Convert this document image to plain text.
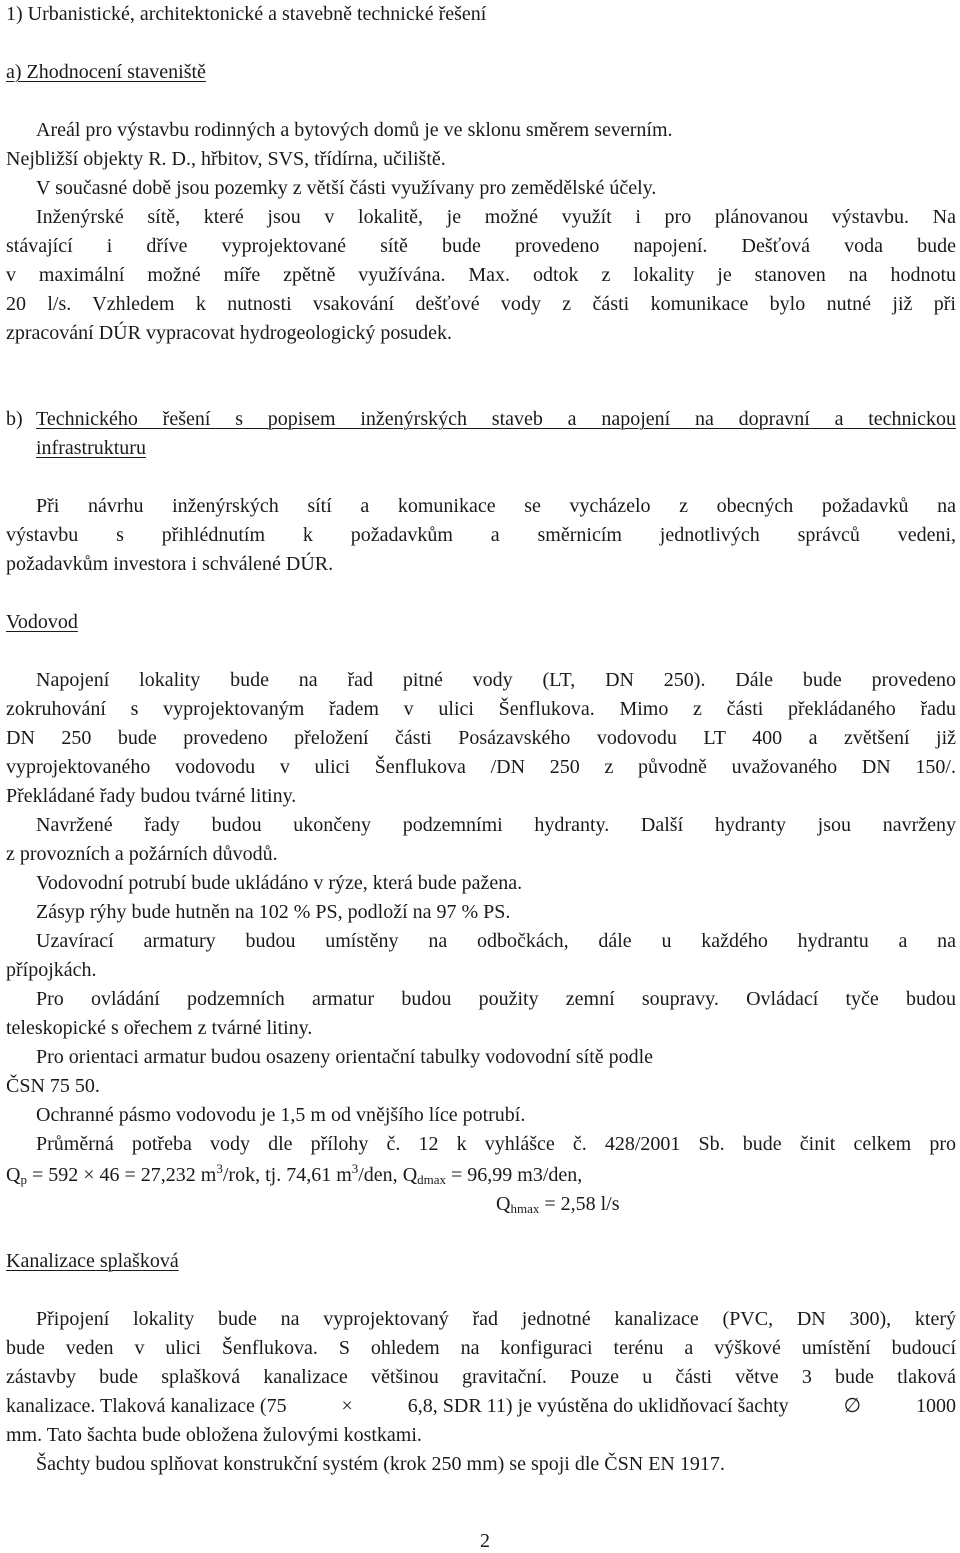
1) Urbanistické, architektonické a stavebně technické řešení
a) Zhodnocení staveniště
Areál pro výstavbu rodinných a bytových domů je ve sklonu směrem severním.
Nejbližší objekty R. D., hřbitov, SVS, třídírna, učiliště.
V současné době jsou pozemky z větší části využívany pro zemědělské účely.
Inženýrské sítě, které jsou v lokalitě, je možné využít i pro plánovanou výstavbu. Na
stávající i dříve vyprojektované sítě bude provedeno napojení. Dešťová voda bude
v maximální možné míře zpětně využívána. Max. odtok z lokality je stanoven na hodnotu
20 l/s. Vzhledem k nutnosti vsakování dešťové vody z části komunikace bylo nutné již při
zpracování DÚR vypracovat hydrogeologický posudek.
b) Technického řešení s popisem inženýrských staveb a napojení na dopravní a technickou
infrastrukturu
Při návrhu inženýrských sítí a komunikace se vycházelo z obecných požadavků na
výstavbu s přihlédnutím k požadavkům a směrnicím jednotlivých správců vedeni,
požadavkům investora i schválené DÚR.
Vodovod
Napojení lokality bude na řad pitné vody (LT, DN 250). Dále bude provedeno
zokruhování s vyprojektovaným řadem v ulici Šenflukova. Mimo z části překládaného řadu
DN 250 bude provedeno přeložení části Posázavského vodovodu LT 400 a zvětšení již
vyprojektovaného vodovodu v ulici Šenflukova /DN 250 z původně uvažovaného DN 150/.
Překládané řady budou tvárné litiny.
Navržené řady budou ukončeny podzemními hydranty. Další hydranty jsou navrženy
z provozních a požárních důvodů.
Vodovodní potrubí bude ukládáno v rýze, která bude pažena.
Zásyp rýhy bude hutněn na 102 % PS, podloží na 97 % PS.
Uzavírací armatury budou umístěny na odbočkách, dále u každého hydrantu a na
přípojkách.
Pro ovládání podzemních armatur budou použity zemní soupravy. Ovládací tyče budou
teleskopické s ořechem z tvárné litiny.
Pro orientaci armatur budou osazeny orientační tabulky vodovodní sítě podle
ČSN 75 50.
Ochranné pásmo vodovodu je 1,5 m od vnějšího líce potrubí.
Průměrná potřeba vody dle přílohy č. 12 k vyhlášce č. 428/2001 Sb. bude činit celkem pro
$Q_p = 592 \times 46 = 27,232$ $m^3$/rok, tj. 74,61 $m^3$/den, $Q_{dmax} = 96,99$ m3/den,
$Q_{hmax} = 2,58$ l/s
Kanalizace splašková
Připojení lokality bude na vyprojektovaný řad jednotné kanalizace (PVC, DN 300), který
bude veden v ulici Šenflukova. S ohledem na konfiguraci terénu a výškové umístění budoucí
zástavby bude splašková kanalizace většinou gravitační. Pouze u části větve 3 bude tlaková
kanalizace. Tlaková kanalizace (75	×	6,8, SDR 11) je vyústěna do uklidňovací šachty	∅	1000
mm. Tato šachta bude obložena žulovými kostkami.
Šachty budou splňovat konstrukční systém (krok 250 mm) se spoji dle ČSN EN 1917.
2
